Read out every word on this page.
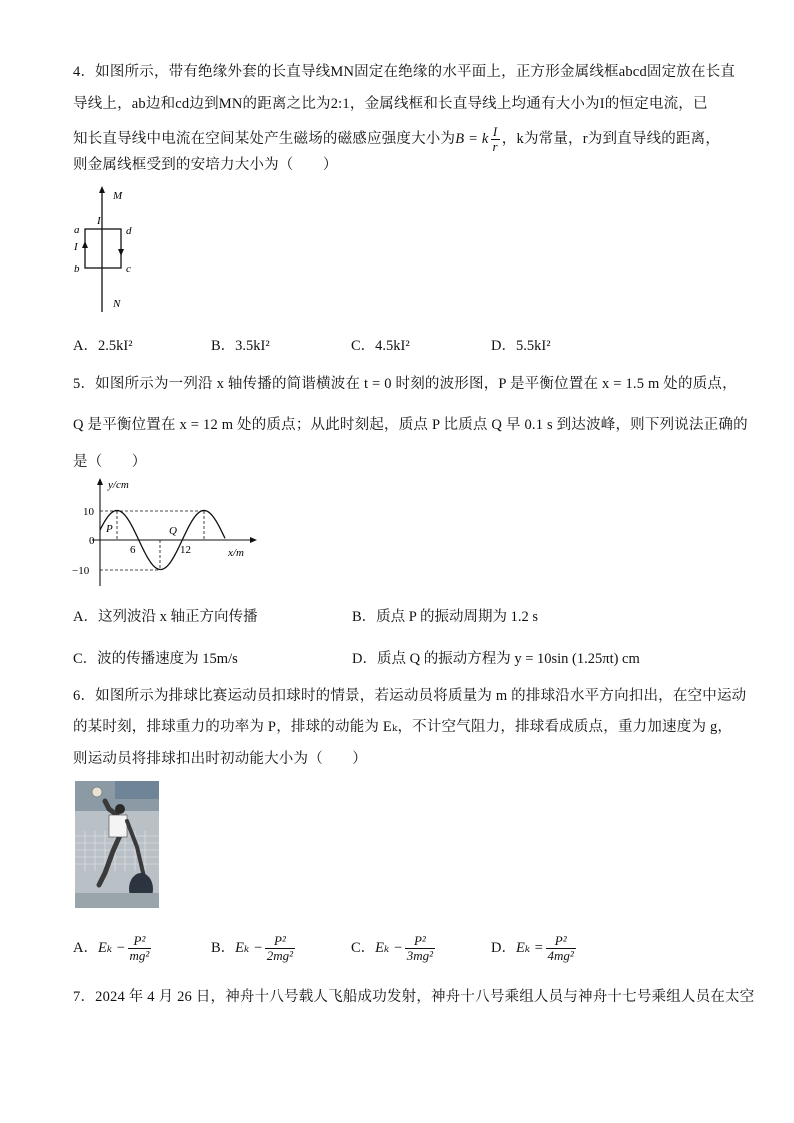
4．如图所示，带有绝缘外套的长直导线MN固定在绝缘的水平面上，正方形金属线框abcd固定放在长直
导线上，ab边和cd边到MN的距离之比为2:1，金属线框和长直导线上均通有大小为I的恒定电流，已
知长直导线中电流在空间某处产生磁场的磁感应强度大小为B = k $\frac{I}{r}$ ，k为常量，r为到直导线的距离，
则金属线框受到的安培力大小为（　　）
M
N
I
I
a
b	c
d
A．2.5kI²	B．3.5kI²	C．4.5kI²	D．5.5kI²
5．如图所示为一列沿 x 轴传播的简谐横波在 t = 0 时刻的波形图，P 是平衡位置在 x = 1.5 m 处的质点，
Q 是平衡位置在 x = 12 m 处的质点；从此时刻起，质点 P 比质点 Q 早 0.1 s 到达波峰，则下列说法正确的
是（　　）
y/cm
x/m
10
0
−10
6	12
P	Q
A．这列波沿 x 轴正方向传播	B．质点 P 的振动周期为 1.2 s
C．波的传播速度为 15m/s	D．质点 Q 的振动方程为 y = 10sin (1.25πt) cm
6．如图所示为排球比赛运动员扣球时的情景，若运动员将质量为 m 的排球沿水平方向扣出，在空中运动
的某时刻，排球重力的功率为 P，排球的动能为 Eₖ，不计空气阻力，排球看成质点，重力加速度为 g，
则运动员将排球扣出时初动能大小为（　　）
A．$E_k - \frac{\text{P²}}{\text{mg²}}$	B．$E_k - \frac{\text{P²}}{\text{2mg²}}$	C．$E_k - \frac{\text{P²}}{\text{3mg²}}$	D．$E_k = \frac{\text{P²}}{\text{4mg²}}$
7．2024 年 4 月 26 日，神舟十八号载人飞船成功发射，神舟十八号乘组人员与神舟十七号乘组人员在太空
